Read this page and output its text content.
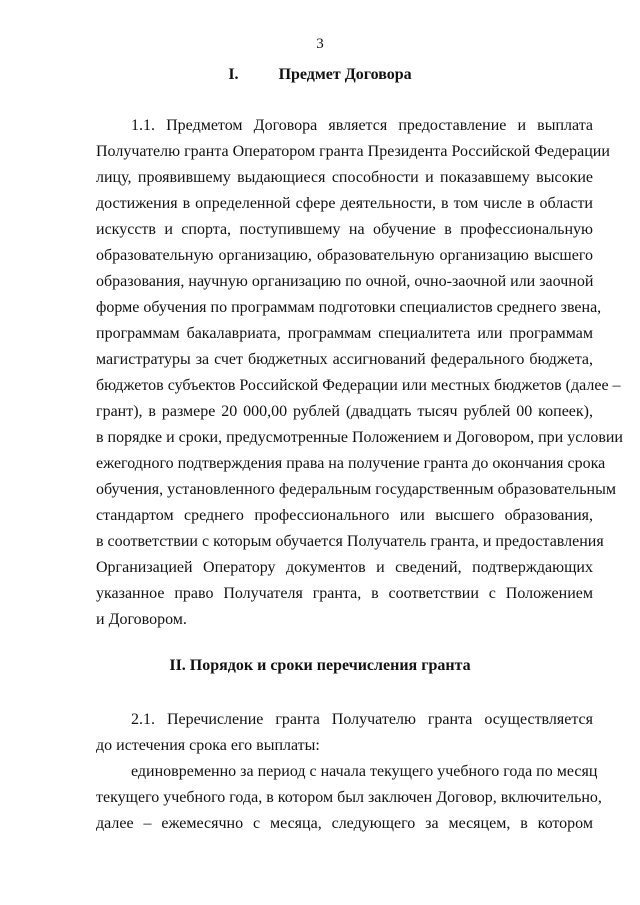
3
I.	Предмет Договора
1.1. Предметом Договора является предоставление и выплата
Получателю гранта Оператором гранта Президента Российской Федерации
лицу, проявившему выдающиеся способности и показавшему высокие
достижения в определенной сфере деятельности, в том числе в области
искусств и спорта, поступившему на обучение в профессиональную
образовательную организацию, образовательную организацию высшего
образования, научную организацию по очной, очно-заочной или заочной
форме обучения по программам подготовки специалистов среднего звена,
программам бакалавриата, программам специалитета или программам
магистратуры за счет бюджетных ассигнований федерального бюджета,
бюджетов субъектов Российской Федерации или местных бюджетов (далее –
грант), в размере 20 000,00 рублей (двадцать тысяч рублей 00 копеек),
в порядке и сроки, предусмотренные Положением и Договором, при условии
ежегодного подтверждения права на получение гранта до окончания срока
обучения, установленного федеральным государственным образовательным
стандартом среднего профессионального или высшего образования,
в соответствии с которым обучается Получатель гранта, и предоставления
Организацией Оператору документов и сведений, подтверждающих
указанное право Получателя гранта, в соответствии с Положением
и Договором.
II. Порядок и сроки перечисления гранта
2.1. Перечисление гранта Получателю гранта осуществляется
до истечения срока его выплаты:
единовременно за период с начала текущего учебного года по месяц
текущего учебного года, в котором был заключен Договор, включительно,
далее – ежемесячно с месяца, следующего за месяцем, в котором
